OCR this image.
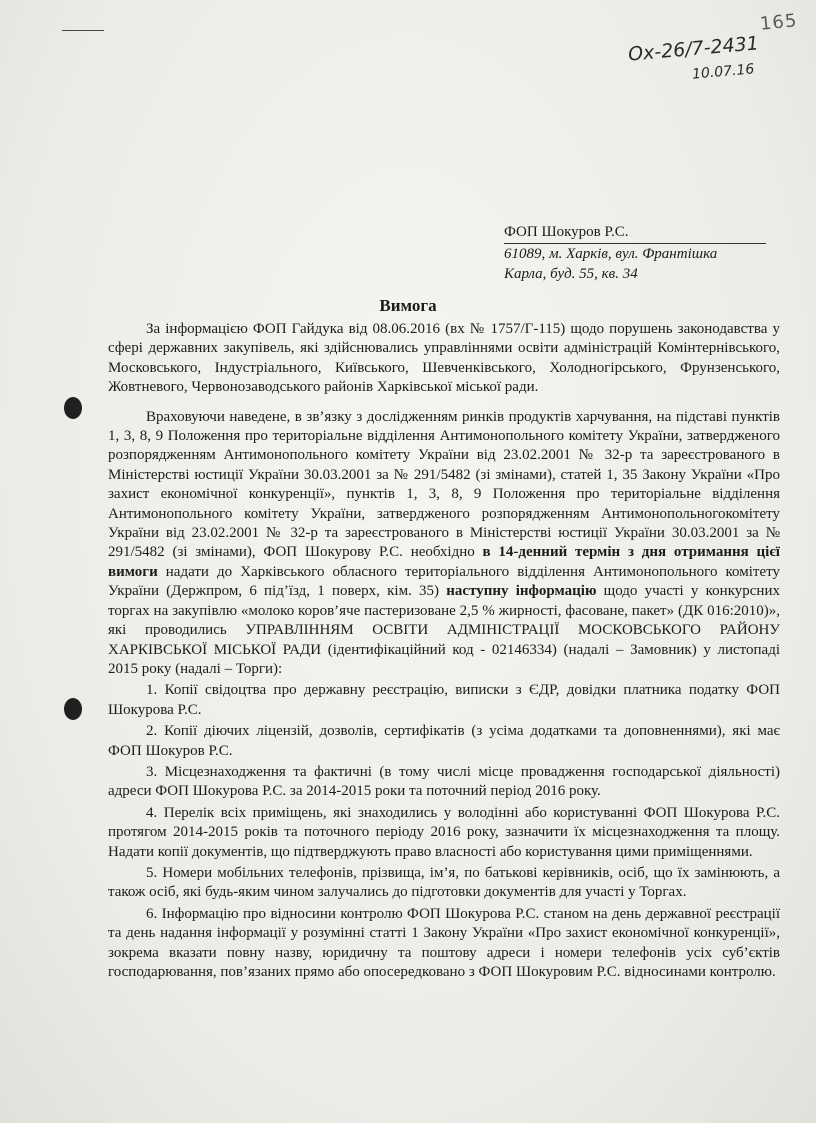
165
Ох-26/7-2431
10.07.16
ФОП Шокуров Р.С.
61089, м. Харків, вул. Франтішка
Карла, буд. 55, кв. 34
Вимога

За інформацією ФОП Гайдука від 08.06.2016 (вх № 1757/Г-115) щодо порушень законодавства у сфері державних закупівель, які здійснювались управліннями освіти адміністрацій Комінтернівського, Московського, Індустріального, Київського, Шевченківського, Холодногірського, Фрунзенського, Жовтневого, Червонозаводського районів Харківської міської ради.

Враховуючи наведене, в зв’язку з дослідженням ринків продуктів харчування, на підставі пунктів 1, 3, 8, 9 Положення про територіальне відділення Антимонопольного комітету України, затвердженого розпорядженням Антимонопольного комітету України від 23.02.2001 № 32-р та зареєстрованого в Міністерстві юстиції України 30.03.2001 за № 291/5482 (зі змінами), статей 1, 35 Закону України «Про захист економічної конкуренції», пунктів 1, 3, 8, 9 Положення про територіальне відділення Антимонопольного комітету України, затвердженого розпорядженням Антимонопольногокомітету України від 23.02.2001 № 32-р та зареєстрованого в Міністерстві юстиції України 30.03.2001 за № 291/5482 (зі змінами), ФОП Шокурову Р.С. необхідно в 14-денний термін з дня отримання цієї вимоги надати до Харківського обласного територіального відділення Антимонопольного комітету України (Держпром, 6 під’їзд, 1 поверх, кім. 35) наступну інформацію щодо участі у конкурсних торгах на закупівлю «молоко коров’яче пастеризоване 2,5 % жирності, фасоване, пакет» (ДК 016:2010)», які проводились УПРАВЛІННЯМ ОСВІТИ АДМІНІСТРАЦІЇ МОСКОВСЬКОГО РАЙОНУ ХАРКІВСЬКОЇ МІСЬКОЇ РАДИ (ідентифікаційний код - 02146334) (надалі – Замовник) у листопаді 2015 року (надалі – Торги):

1. Копії свідоцтва про державну реєстрацію, виписки з ЄДР, довідки платника податку ФОП Шокурова Р.С.

2. Копії діючих ліцензій, дозволів, сертифікатів (з усіма додатками та доповненнями), які має ФОП Шокуров Р.С.

3. Місцезнаходження та фактичні (в тому числі місце провадження господарської діяльності) адреси ФОП Шокурова Р.С. за 2014-2015 роки та поточний період 2016 року.

4. Перелік всіх приміщень, які знаходились у володінні або користуванні ФОП Шокурова Р.С. протягом 2014-2015 років та поточного періоду 2016 року, зазначити їх місцезнаходження та площу. Надати копії документів, що підтверджують право власності або користування цими приміщеннями.

5. Номери мобільних телефонів, прізвища, ім’я, по батькові керівників, осіб, що їх замінюють, а також осіб, які будь-яким чином залучались до підготовки документів для участі у Торгах.

6. Інформацію про відносини контролю ФОП Шокурова Р.С. станом на день державної реєстрації та день надання інформації у розумінні статті 1 Закону України «Про захист економічної конкуренції», зокрема вказати повну назву, юридичну та поштову адреси і номери телефонів усіх суб’єктів господарювання, пов’язаних прямо або опосередковано з ФОП Шокуровим Р.С. відносинами контролю.
